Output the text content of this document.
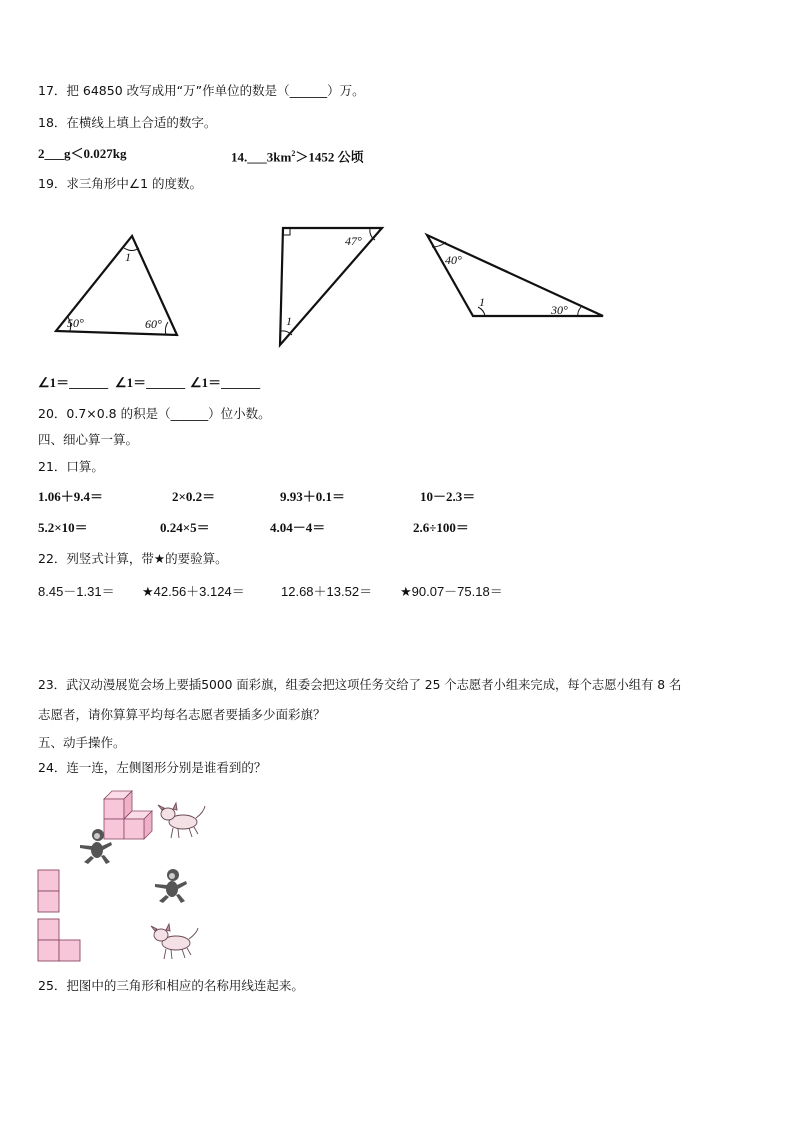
17．把 64850 改写成用“万”作单位的数是（______）万。
18．在横线上填上合适的数字。
2___g＜0.027kg	$14.\_\_\_3km^2>1452$ 公顷
19．求三角形中∠1 的度数。
1
50°	60°
47°
1
40°
1
30°
∠1＝______ ∠1＝______ ∠1＝______
20．0.7×0.8 的积是（______）位小数。
四、细心算一算。
21．口算。
1.06＋9.4＝	2×0.2＝	9.93＋0.1＝	10－2.3＝
5.2×10＝	0.24×5＝	4.04－4＝	2.6÷100＝
22．列竖式计算，带★的要验算。
8.45－1.31＝ ★42.56＋3.124＝	12.68＋13.52＝ ★90.07－75.18＝
23．武汉动漫展览会场上要插5000 面彩旗，组委会把这项任务交给了 25 个志愿者小组来完成，每个志愿小组有 8 名
志愿者，请你算算平均每名志愿者要插多少面彩旗？
五、动手操作。
24．连一连，左侧图形分别是谁看到的？
25．把图中的三角形和相应的名称用线连起来。
